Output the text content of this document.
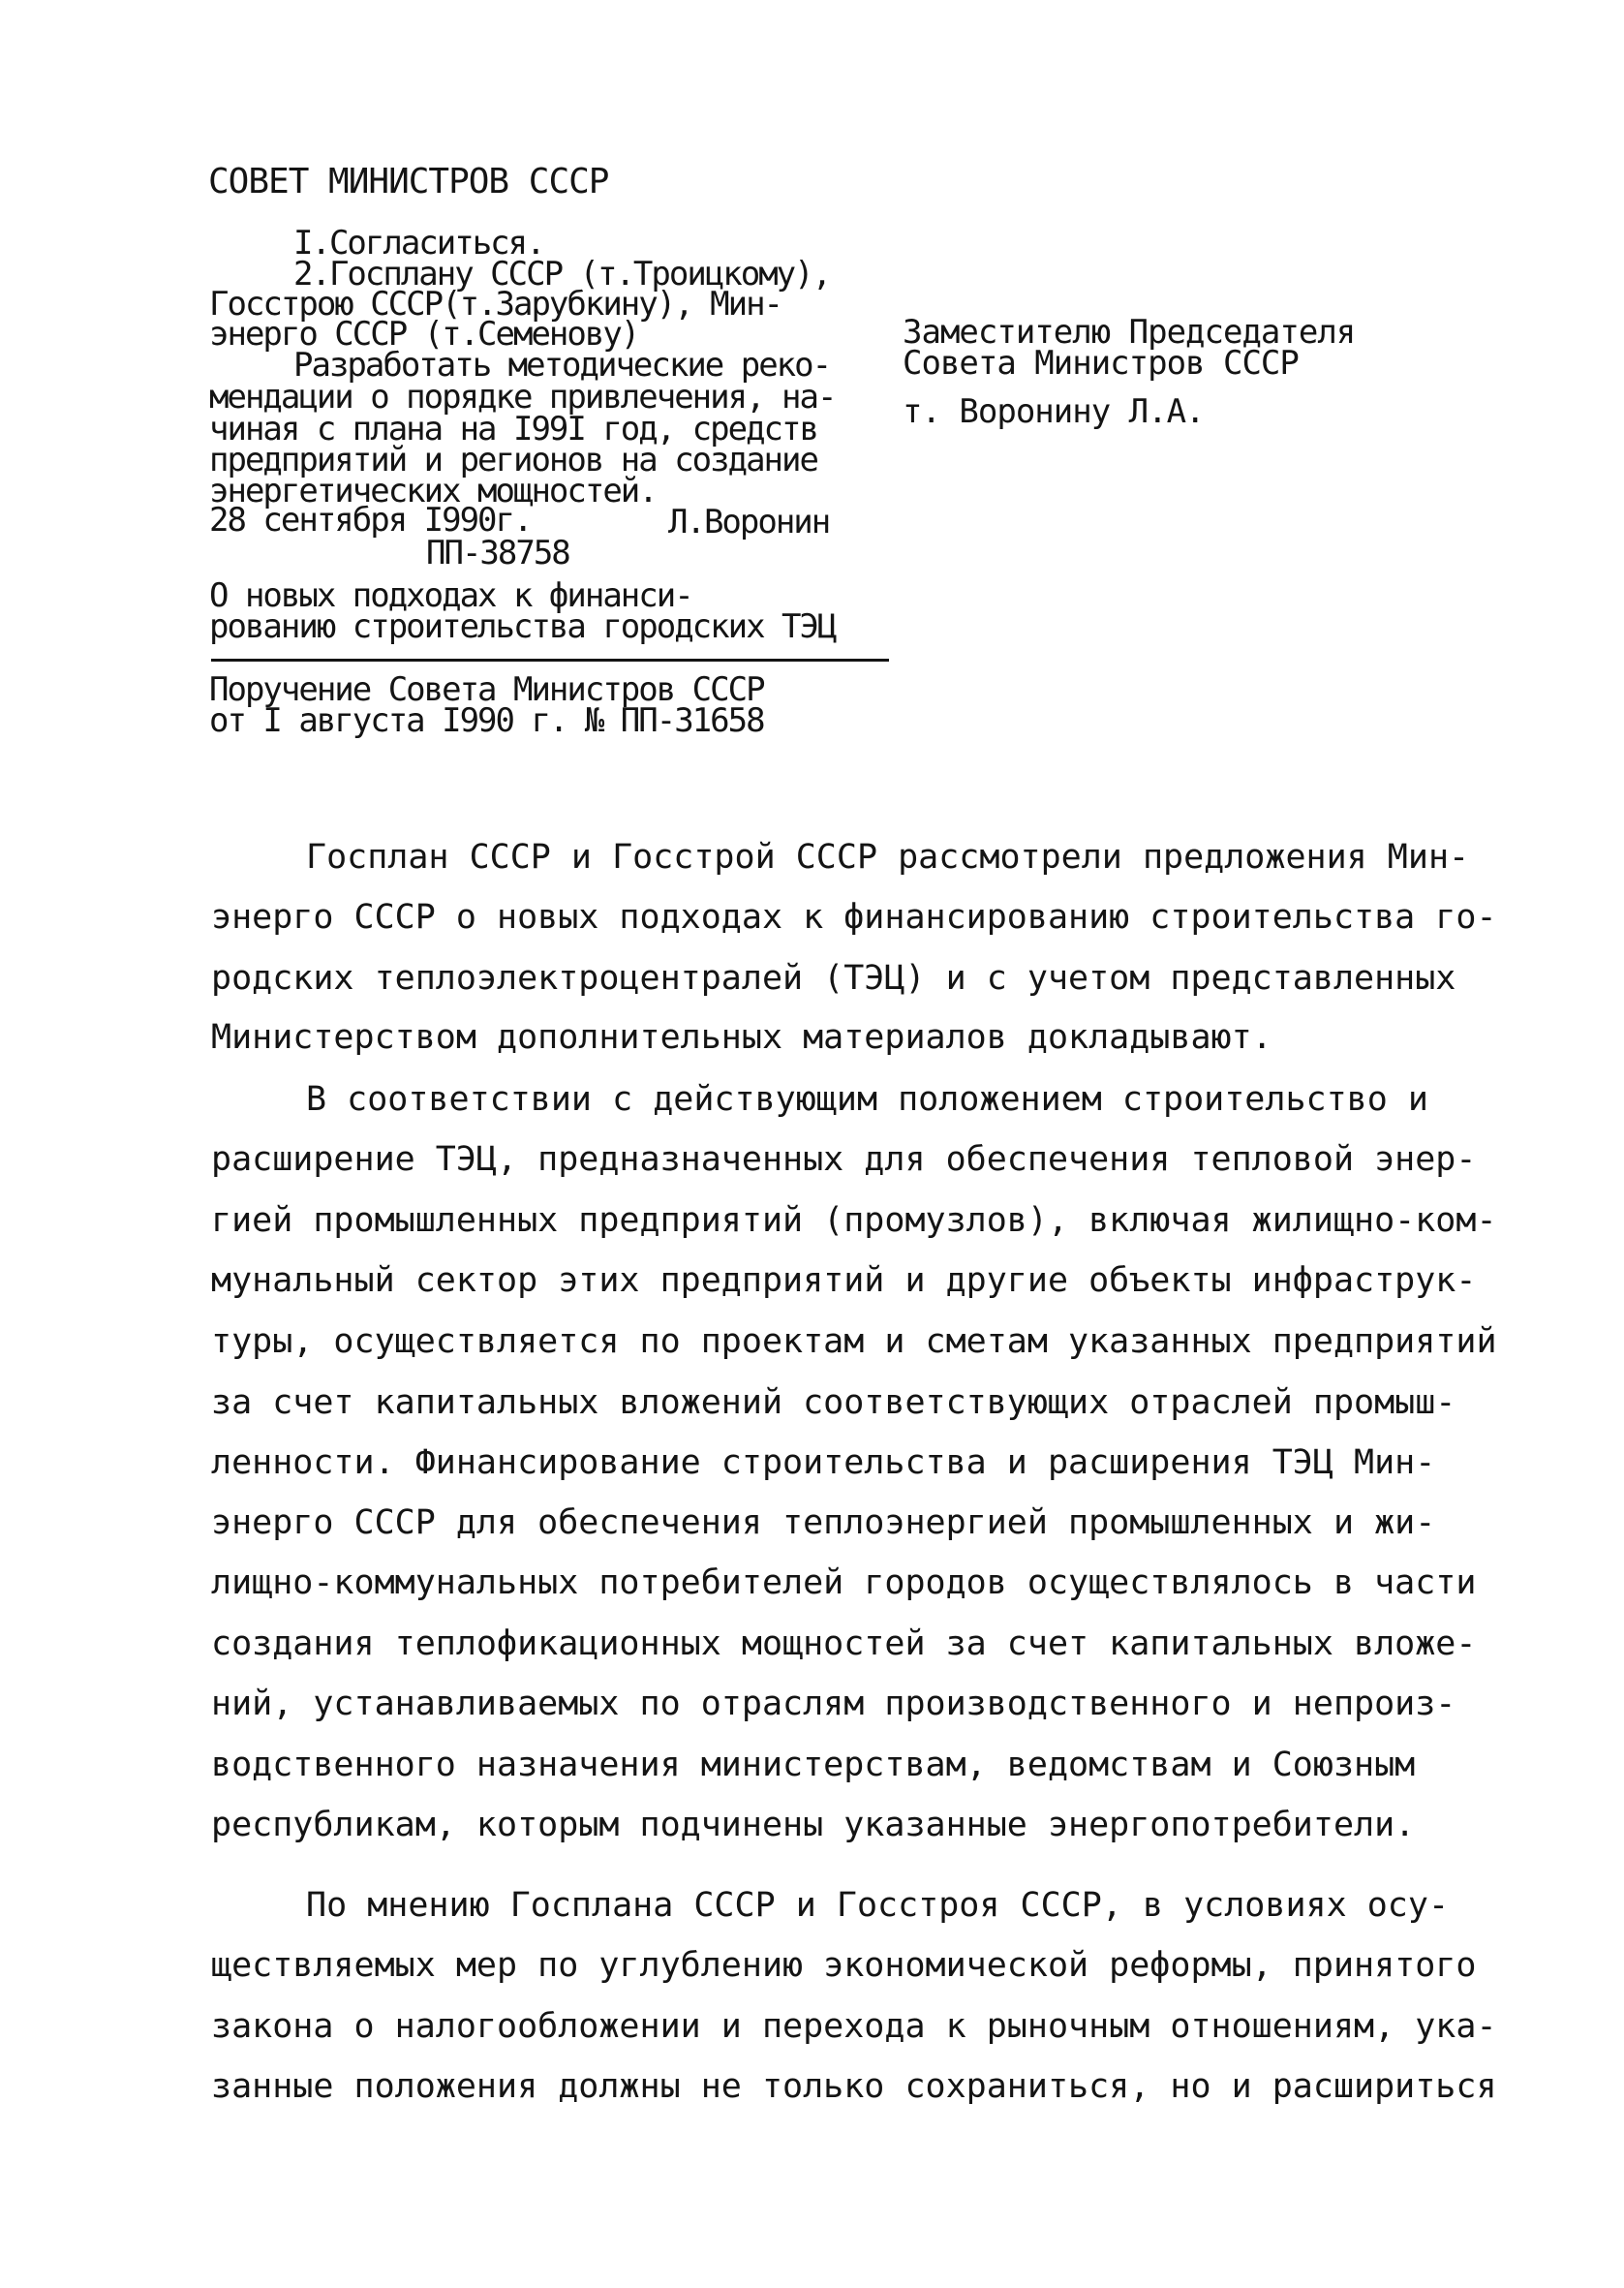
СОВЕТ МИНИСТРОВ СССР
I.Согласиться.
2.Госплану СССР (т.Троицкому),
Госстрою СССР(т.Зарубкину), Мин-
энерго СССР (т.Семенову)
Разработать методические реко-
мендации о порядке привлечения, на-
чиная с плана на I99I год, средств
предприятий и регионов на создание
энергетических мощностей.
28 сентября I990г.	Л.Воронин
ПП-38758
О новых подходах к финанси-
рованию строительства городских ТЭЦ
Поручение Совета Министров СССР
от I августа I990 г. № ПП-31658
Заместителю Председателя
Совета Министров СССР
т. Воронину Л.А.
Госплан СССР и Госстрой СССР рассмотрели предложения Мин-
энерго СССР о новых подходах к финансированию строительства го-
родских теплоэлектроцентралей (ТЭЦ) и с учетом представленных
Министерством дополнительных материалов докладывают.
В соответствии с действующим положением строительство и
расширение ТЭЦ, предназначенных для обеспечения тепловой энер-
гией промышленных предприятий (промузлов), включая жилищно-ком-
мунальный сектор этих предприятий и другие объекты инфраструк-
туры, осуществляется по проектам и сметам указанных предприятий
за счет капитальных вложений соответствующих отраслей промыш-
ленности. Финансирование строительства и расширения ТЭЦ Мин-
энерго СССР для обеспечения теплоэнергией промышленных и жи-
лищно-коммунальных потребителей городов осуществлялось в части
создания теплофикационных мощностей за счет капитальных вложе-
ний, устанавливаемых по отраслям производственного и непроиз-
водственного назначения министерствам, ведомствам и Союзным
республикам, которым подчинены указанные энергопотребители.
По мнению Госплана СССР и Госстроя СССР, в условиях осу-
ществляемых мер по углублению экономической реформы, принятого
закона о налогообложении и перехода к рыночным отношениям, ука-
занные положения должны не только сохраниться, но и расшириться
